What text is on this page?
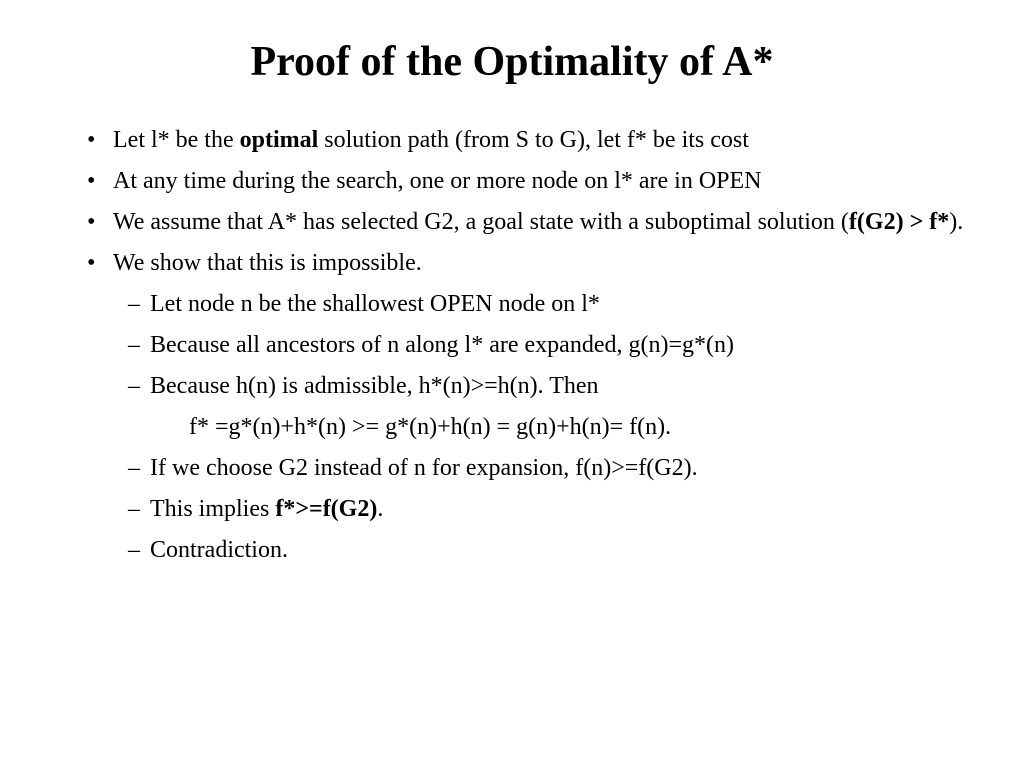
Proof of the Optimality of A*
• Let l* be the optimal solution path (from S to G), let f* be its cost
• At any time during the search, one or more node on l* are in OPEN
• We assume that A* has selected G2, a goal state with a suboptimal solution (f(G2) > f*).
• We show that this is impossible.
– Let node n be the shallowest OPEN node on l*
– Because all ancestors of n along l* are expanded, g(n)=g*(n)
– Because h(n) is admissible, h*(n)>=h(n). Then
f* =g*(n)+h*(n) >= g*(n)+h(n) = g(n)+h(n)= f(n).
– If we choose G2 instead of n for expansion, f(n)>=f(G2).
– This implies f*>=f(G2).
– Contradiction.
